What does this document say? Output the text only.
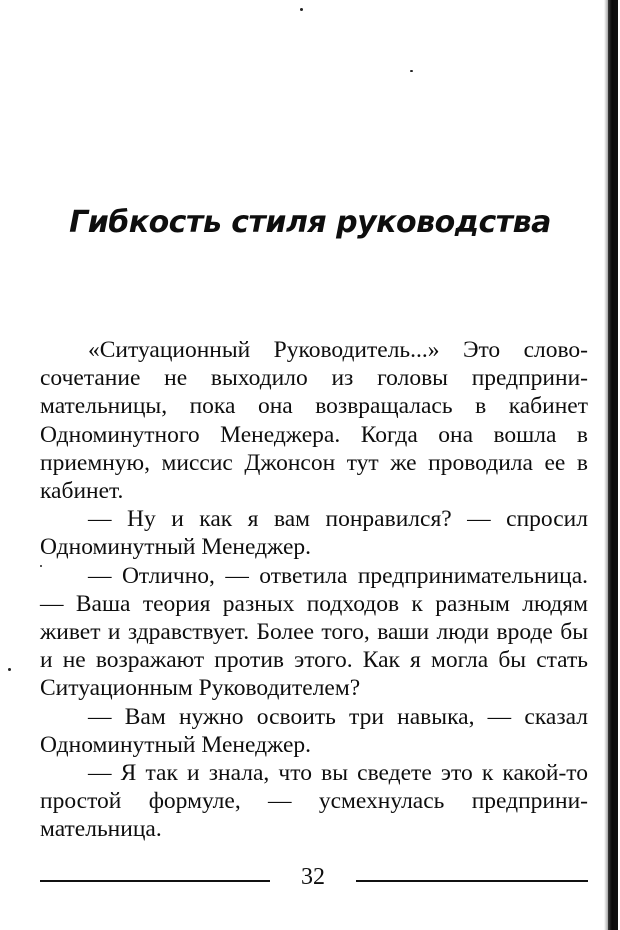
Гибкость стиля руководства

«Ситуационный Руководитель...» Это словосочетание не выходило из головы предпринимательницы, пока она возвращалась в кабинет Одноминутного Менеджера. Когда она вошла в приемную, миссис Джонсон тут же проводила ее в кабинет.

— Ну и как я вам понравился? — спросил Одноминутный Менеджер.

— Отлично, — ответила предпринимательница. — Ваша теория разных подходов к разным людям живет и здравствует. Более того, ваши люди вроде бы и не возражают против этого. Как я могла бы стать Ситуационным Руководителем?

— Вам нужно освоить три навыка, — сказал Одноминутный Менеджер.

— Я так и знала, что вы сведете это к какой-то простой формуле, — усмехнулась предпринимательница.

32
